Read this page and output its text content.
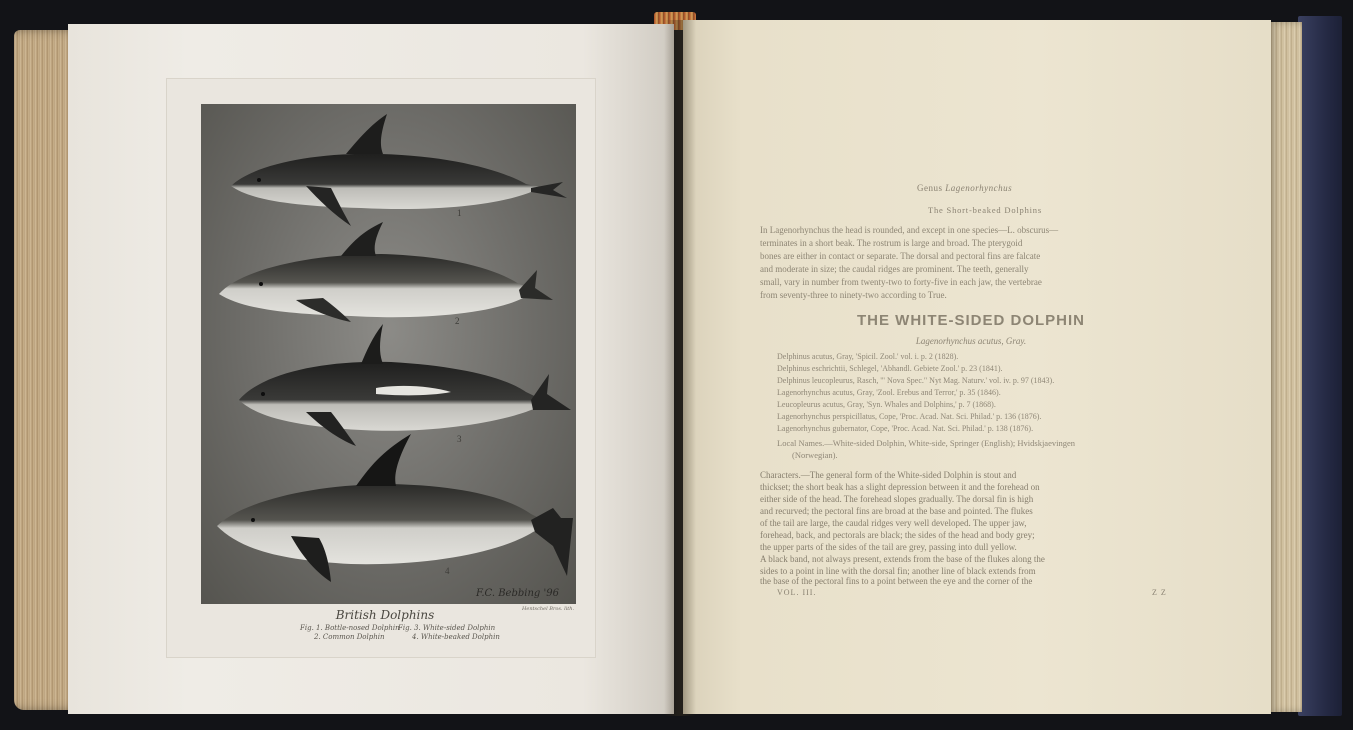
1
2
3
4
F.C. Bebbing '96
Hentschel Bros. lith.
British Dolphins
Fig. 1. Bottle-nosed Dolphin
2. Common Dolphin
Fig. 3. White-sided Dolphin
4. White-beaked Dolphin
Genus Lagenorhynchus
The Short-beaked Dolphins
In Lagenorhynchus the head is rounded, and except in one species—L. obscurus—
terminates in a short beak. The rostrum is large and broad. The pterygoid
bones are either in contact or separate. The dorsal and pectoral fins are falcate
and moderate in size; the caudal ridges are prominent. The teeth, generally
small, vary in number from twenty-two to forty-five in each jaw, the vertebrae
from seventy-three to ninety-two according to True.
THE WHITE-SIDED DOLPHIN
Lagenorhynchus acutus, Gray.
Delphinus acutus, Gray, 'Spicil. Zool.' vol. i. p. 2 (1828).
Delphinus eschrichtii, Schlegel, 'Abhandl. Gebiete Zool.' p. 23 (1841).
Delphinus leucopleurus, Rasch, '" Nova Spec." Nyt Mag. Naturv.' vol. iv. p. 97 (1843).
Lagenorhynchus acutus, Gray, 'Zool. Erebus and Terror,' p. 35 (1846).
Leucopleurus acutus, Gray, 'Syn. Whales and Dolphins,' p. 7 (1868).
Lagenorhynchus perspicillatus, Cope, 'Proc. Acad. Nat. Sci. Philad.' p. 136 (1876).
Lagenorhynchus gubernator, Cope, 'Proc. Acad. Nat. Sci. Philad.' p. 138 (1876).
Local Names.—White-sided Dolphin, White-side, Springer (English); Hvidskjaevingen
(Norwegian).
Characters.—The general form of the White-sided Dolphin is stout and
thickset; the short beak has a slight depression between it and the forehead on
either side of the head. The forehead slopes gradually. The dorsal fin is high
and recurved; the pectoral fins are broad at the base and pointed. The flukes
of the tail are large, the caudal ridges very well developed. The upper jaw,
forehead, back, and pectorals are black; the sides of the head and body grey;
the upper parts of the sides of the tail are grey, passing into dull yellow.
A black band, not always present, extends from the base of the flukes along the
sides to a point in line with the dorsal fin; another line of black extends from
the base of the pectoral fins to a point between the eye and the corner of the
VOL. III.	Z Z
